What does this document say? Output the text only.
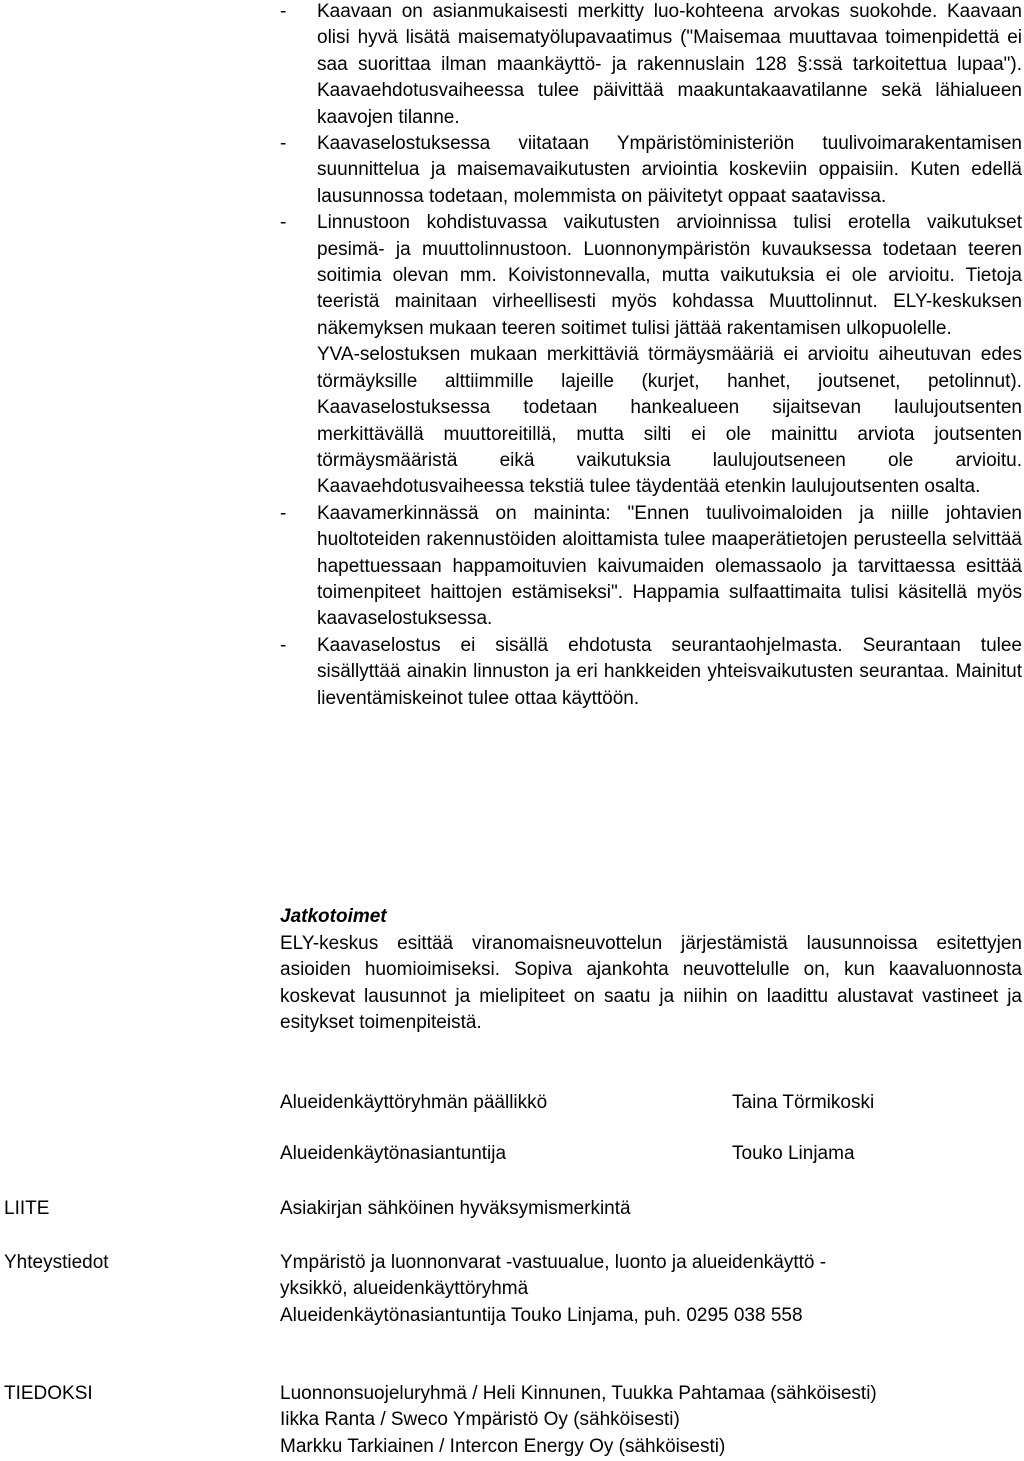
- Kaavaan on asianmukaisesti merkitty luo-kohteena arvokas suokohde. Kaavaan olisi hyvä lisätä maisematyölupavaatimus ("Maisemaa muuttavaa toimenpidettä ei saa suorittaa ilman maankäyttö- ja rakennuslain 128 §:ssä tarkoitettua lupaa"). Kaavaehdotusvaiheessa tulee päivittää maakuntakaavatilanne sekä lähialueen kaavojen tilanne.
- Kaavaselostuksessa viitataan Ympäristöministeriön tuulivoimarakentamisen suunnittelua ja maisemavaikutusten arviointia koskeviin oppaisiin. Kuten edellä lausunnossa todetaan, molemmista on päivitetyt oppaat saatavissa.
- Linnustoon kohdistuvassa vaikutusten arvioinnissa tulisi erotella vaikutukset pesimä- ja muuttolinnustoon. Luonnonympäristön kuvauksessa todetaan teeren soitimia olevan mm. Koivistonnevalla, mutta vaikutuksia ei ole arvioitu. Tietoja teeristä mainitaan virheellisesti myös kohdassa Muuttolinnut. ELY-keskuksen näkemyksen mukaan teeren soitimet tulisi jättää rakentamisen ulkopuolelle.

YVA-selostuksen mukaan merkittäviä törmäysmääriä ei arvioitu aiheutuvan edes törmäyksille alttiimmille lajeille (kurjet, hanhet, joutsenet, petolinnut). Kaavaselostuksessa todetaan hankealueen sijaitsevan laulujoutsenten merkittävällä muuttoreitillä, mutta silti ei ole mainittu arviota joutsenten törmäysmääristä eikä vaikutuksia laulujoutseneen ole arvioitu. Kaavaehdotusvaiheessa tekstiä tulee täydentää etenkin laulujoutsenten osalta.

- Kaavamerkinnässä on maininta: "Ennen tuulivoimaloiden ja niille johtavien huoltoteiden rakennustöiden aloittamista tulee maaperätietojen perusteella selvittää hapettuessaan happamoituvien kaivumaiden olemassaolo ja tarvittaessa esittää toimenpiteet haittojen estämiseksi". Happamia sulfaattimaita tulisi käsitellä myös kaavaselostuksessa.
- Kaavaselostus ei sisällä ehdotusta seurantaohjelmasta. Seurantaan tulee sisällyttää ainakin linnuston ja eri hankkeiden yhteisvaikutusten seurantaa. Mainitut lieventämiskeinot tulee ottaa käyttöön.

Jatkotoimet

ELY-keskus esittää viranomaisneuvottelun järjestämistä lausunnoissa esitettyjen asioiden huomioimiseksi. Sopiva ajankohta neuvottelulle on, kun kaavaluonnosta koskevat lausunnot ja mielipiteet on saatu ja niihin on laadittu alustavat vastineet ja esitykset toimenpiteistä.

Alueidenkäyttöryhmän päällikkö	Taina Törmikoski

Alueidenkäytönasiantuntija	Touko Linjama

LIITE	Asiakirjan sähköinen hyväksymismerkintä

Yhteystiedot	Ympäristö ja luonnonvarat -vastuualue, luonto ja alueidenkäyttö -
yksikkö, alueidenkäyttöryhmä
Alueidenkäytönasiantuntija Touko Linjama, puh. 0295 038 558

TIEDOKSI	Luonnonsuojeluryhmä / Heli Kinnunen, Tuukka Pahtamaa (sähköisesti)
Iikka Ranta / Sweco Ympäristö Oy (sähköisesti)
Markku Tarkiainen / Intercon Energy Oy (sähköisesti)
